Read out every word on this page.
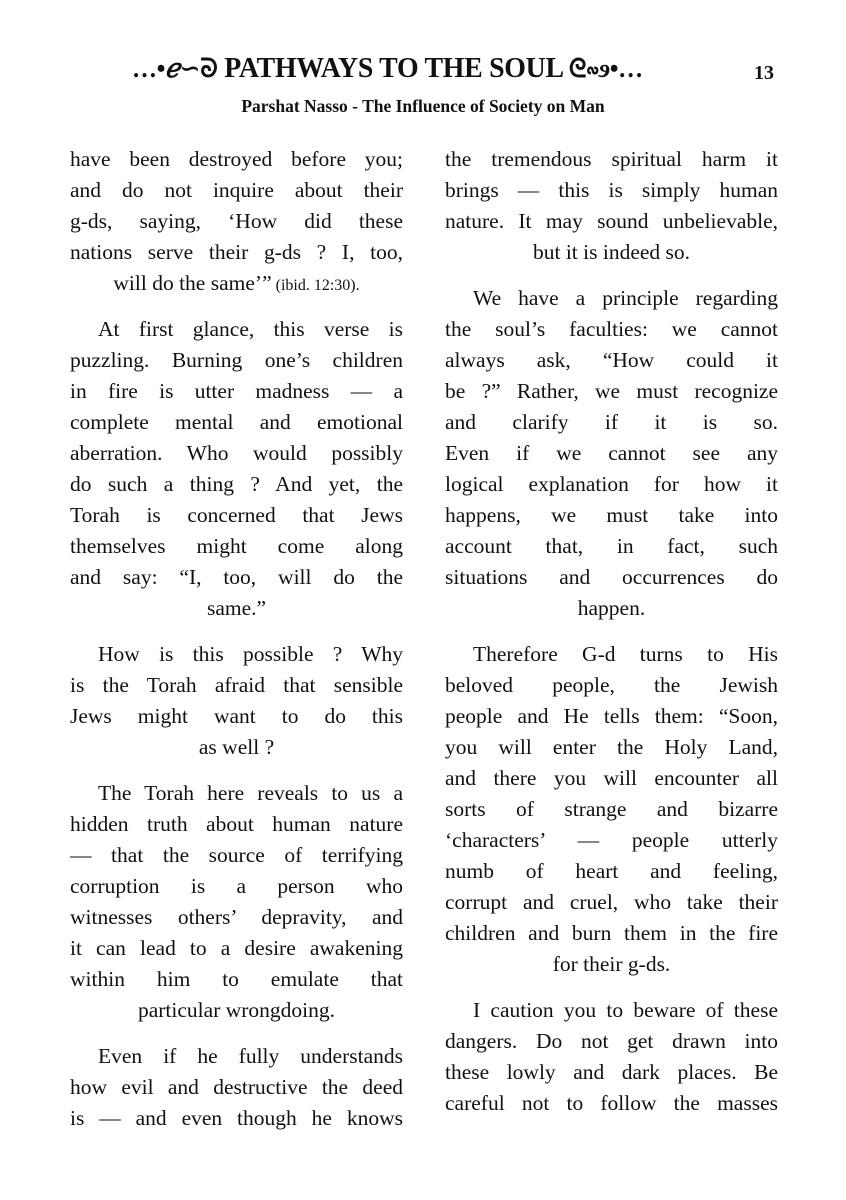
…•ℯ∽ᘐ PATHWAYS TO THE SOUL ᘓ∾ɘ•…	13
Parshat Nasso - The Influence of Society on Man
have been destroyed before you;
and do not inquire about their
g-ds, saying, ‘How did these
nations serve their g-ds ? I, too,
will do the same’” (ibid. 12:30).
At first glance, this verse is
puzzling. Burning one’s children
in fire is utter madness — a
complete mental and emotional
aberration. Who would possibly
do such a thing ? And yet, the
Torah is concerned that Jews
themselves might come along
and say: “I, too, will do the
same.”
How is this possible ? Why
is the Torah afraid that sensible
Jews might want to do this
as well ?
The Torah here reveals to us a
hidden truth about human nature
— that the source of terrifying
corruption is a person who
witnesses others’ depravity, and
it can lead to a desire awakening
within him to emulate that
particular wrongdoing.
Even if he fully understands
how evil and destructive the deed
is — and even though he knows
the tremendous spiritual harm it
brings — this is simply human
nature. It may sound unbelievable,
but it is indeed so.
We have a principle regarding
the soul’s faculties: we cannot
always ask, “How could it
be ?” Rather, we must recognize
and clarify if it is so.
Even if we cannot see any
logical explanation for how it
happens, we must take into
account that, in fact, such
situations and occurrences do
happen.
Therefore G-d turns to His
beloved people, the Jewish
people and He tells them: “Soon,
you will enter the Holy Land,
and there you will encounter all
sorts of strange and bizarre
‘characters’ — people utterly
numb of heart and feeling,
corrupt and cruel, who take their
children and burn them in the fire
for their g-ds.
I caution you to beware of these
dangers. Do not get drawn into
these lowly and dark places. Be
careful not to follow the masses
